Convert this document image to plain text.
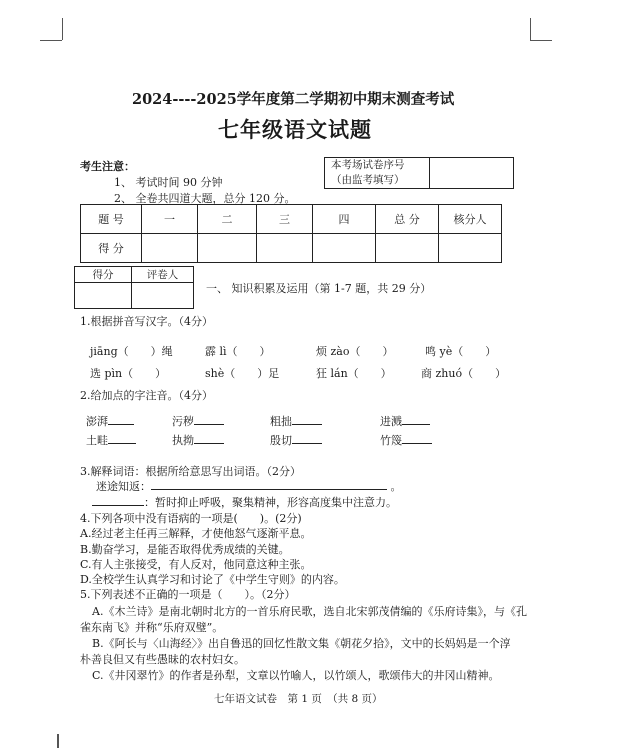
2024----2025学年度第二学期初中期末测查考试
七年级语文试题
考生注意：
1、 考试时间 90 分钟
2、 全卷共四道大题，总分 120 分。
本考场试卷序号
（由监考填写）

题 号	一	二	三	四	总 分	核分人
得 分						
得分	评卷人

一、 知识积累及运用（第 1-7 题，共 29 分）
1.根据拼音写汉字。（4分）
jiāng（　　）绳	霹 lì（　　）	烦 zào（　　）	鸣 yè（　　）
选 pìn（　　）	shè（　　）足	狂 lán（　　）	商 zhuó（　　）
2.给加点的字注音。（4分）
澎湃	污秽	粗拙	进溅
土畦	执拗	殷切	竹篾
3.解释词语：根据所给意思写出词语。（2分）
迷途知返：	。
：暂时抑止呼吸，聚集精神，形容高度集中注意力。
4.下列各项中没有语病的一项是(　　)。(2分)
A.经过老主任再三解释，才使他怒气逐渐平息。
B.勤奋学习，是能否取得优秀成绩的关键。
C.有人主张接受，有人反对，他同意这种主张。
D.全校学生认真学习和讨论了《中学生守则》的内容。
5.下列表述不正确的一项是（　　）。（2分）
A.《木兰诗》是南北朝时北方的一首乐府民歌，选自北宋郭茂倩编的《乐府诗集》，与《孔
雀东南飞》并称“乐府双璧”。
B.《阿长与〈山海经〉》出自鲁迅的回忆性散文集《朝花夕拾》，文中的长妈妈是一个淳
朴善良但又有些愚昧的农村妇女。
C.《井冈翠竹》的作者是孙犁，文章以竹喻人，以竹颂人，歌颂伟大的井冈山精神。
七年语文试卷　第 1 页　（共 8 页）
